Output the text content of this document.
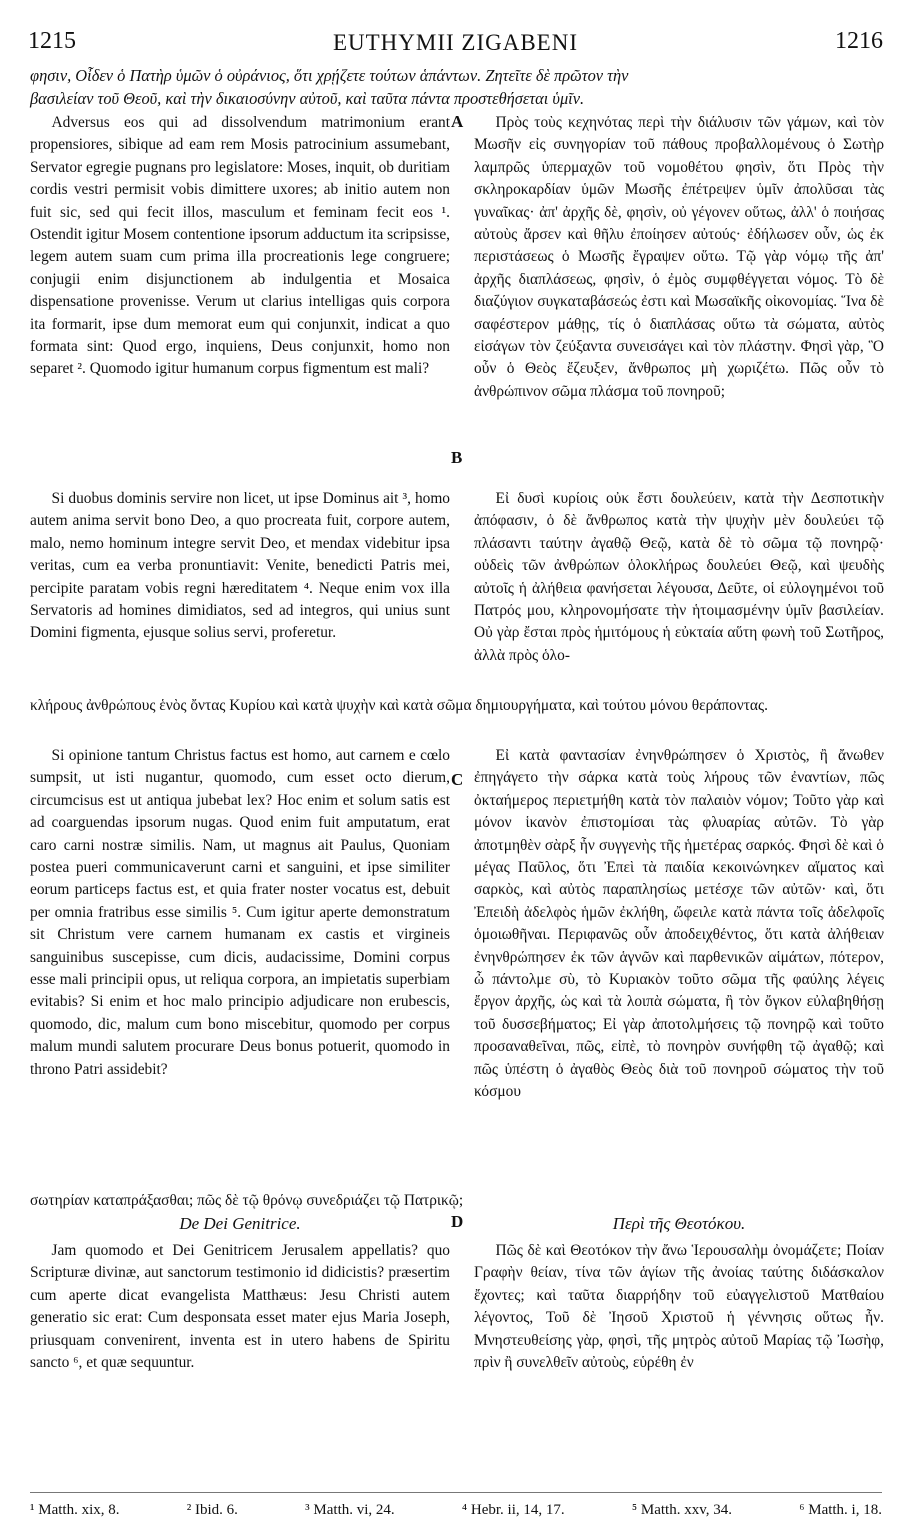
1215	EUTHYMII ZIGABENI	1216
φησιν, Οἶδεν ὁ Πατὴρ ὑμῶν ὁ οὐράνιος, ὅτι χρῄζετε τούτων ἁπάντων. Ζητεῖτε δὲ πρῶτον τὴν
βασιλείαν τοῦ Θεοῦ, καὶ τὴν δικαιοσύνην αὐτοῦ, καὶ ταῦτα πάντα προστεθήσεται ὑμῖν.
A
B
C
D

Adversus eos qui ad dissolvendum matrimonium erant propensiores, sibique ad eam rem Mosis patrocinium assumebant, Servator egregie pugnans pro legislatore: Moses, inquit, ob duritiam cordis vestri permisit vobis dimittere uxores; ab initio autem non fuit sic, sed qui fecit illos, masculum et feminam fecit eos ¹. Ostendit igitur Mosem contentione ipsorum adductum ita scripsisse, legem autem suam cum prima illa procreationis lege congruere; conjugii enim disjunctionem ab indulgentia et Mosaica dispensatione provenisse. Verum ut clarius intelligas quis corpora ita formarit, ipse dum memorat eum qui conjunxit, indicat a quo formata sint: Quod ergo, inquiens, Deus conjunxit, homo non separet ². Quomodo igitur humanum corpus figmentum est mali?

Πρὸς τοὺς κεχηνότας περὶ τὴν διάλυσιν τῶν γάμων, καὶ τὸν Μωσῆν εἰς συνηγορίαν τοῦ πάθους προβαλλομένους ὁ Σωτὴρ λαμπρῶς ὑπερμαχῶν τοῦ νομοθέτου φησὶν, ὅτι Πρὸς τὴν σκληροκαρδίαν ὑμῶν Μωσῆς ἐπέτρεψεν ὑμῖν ἀπολῦσαι τὰς γυναῖκας· ἀπ' ἀρχῆς δὲ, φησὶν, οὐ γέγονεν οὕτως, ἀλλ' ὁ ποιήσας αὐτοὺς ἄρσεν καὶ θῆλυ ἐποίησεν αὐτούς· ἐδήλωσεν οὖν, ὡς ἐκ περιστάσεως ὁ Μωσῆς ἔγραψεν οὕτω. Τῷ γὰρ νόμῳ τῆς ἀπ' ἀρχῆς διαπλάσεως, φησὶν, ὁ ἐμὸς συμφθέγγεται νόμος. Τὸ δὲ διαζύγιον συγκαταβάσεώς ἐστι καὶ Μωσαϊκῆς οἰκονομίας. Ἵνα δὲ σαφέστερον μάθῃς, τίς ὁ διαπλάσας οὕτω τὰ σώματα, αὐτὸς εἰσάγων τὸν ζεύξαντα συνεισάγει καὶ τὸν πλάστην. Φησὶ γὰρ, Ὃ οὖν ὁ Θεὸς ἔζευξεν, ἄνθρωπος μὴ χωριζέτω. Πῶς οὖν τὸ ἀνθρώπινον σῶμα πλάσμα τοῦ πονηροῦ;

Si duobus dominis servire non licet, ut ipse Dominus ait ³, homo autem anima servit bono Deo, a quo procreata fuit, corpore autem, malo, nemo hominum integre servit Deo, et mendax videbitur ipsa veritas, cum ea verba pronuntiavit: Venite, benedicti Patris mei, percipite paratam vobis regni hæreditatem ⁴. Neque enim vox illa Servatoris ad homines dimidiatos, sed ad integros, qui unius sunt Domini figmenta, ejusque solius servi, proferetur.

Εἰ δυσὶ κυρίοις οὐκ ἔστι δουλεύειν, κατὰ τὴν Δεσποτικὴν ἀπόφασιν, ὁ δὲ ἄνθρωπος κατὰ τὴν ψυχὴν μὲν δουλεύει τῷ πλάσαντι ταύτην ἀγαθῷ Θεῷ, κατὰ δὲ τὸ σῶμα τῷ πονηρῷ· οὐδεὶς τῶν ἀνθρώπων ὁλοκλήρως δουλεύει Θεῷ, καὶ ψευδὴς αὐτοῖς ἡ ἀλήθεια φανήσεται λέγουσα, Δεῦτε, οἱ εὐλογημένοι τοῦ Πατρός μου, κληρονομήσατε τὴν ἡτοιμασμένην ὑμῖν βασιλείαν. Οὐ γὰρ ἔσται πρὸς ἡμιτόμους ἡ εὐκταία αὕτη φωνὴ τοῦ Σωτῆρος, ἀλλὰ πρὸς ὁλο-

κλήρους ἀνθρώπους ἑνὸς ὄντας Κυρίου καὶ κατὰ ψυχὴν καὶ κατὰ σῶμα δημιουργήματα, καὶ τούτου μόνου θεράποντας.

Si opinione tantum Christus factus est homo, aut carnem e cœlo sumpsit, ut isti nugantur, quomodo, cum esset octo dierum, circumcisus est ut antiqua jubebat lex? Hoc enim et solum satis est ad coarguendas ipsorum nugas. Quod enim fuit amputatum, erat caro carni nostræ similis. Nam, ut magnus ait Paulus, Quoniam postea pueri communicaverunt carni et sanguini, et ipse similiter eorum particeps factus est, et quia frater noster vocatus est, debuit per omnia fratribus esse similis ⁵. Cum igitur aperte demonstratum sit Christum vere carnem humanam ex castis et virgineis sanguinibus suscepisse, cum dicis, audacissime, Domini corpus esse mali principii opus, ut reliqua corpora, an impietatis superbiam evitabis? Si enim et hoc malo principio adjudicare non erubescis, quomodo, dic, malum cum bono miscebitur, quomodo per corpus malum mundi salutem procurare Deus bonus potuerit, quomodo in throno Patri assidebit?

Εἰ κατὰ φαντασίαν ἐνηνθρώπησεν ὁ Χριστὸς, ἢ ἄνωθεν ἐπηγάγετο τὴν σάρκα κατὰ τοὺς λήρους τῶν ἐναντίων, πῶς ὀκταήμερος περιετμήθη κατὰ τὸν παλαιὸν νόμον; Τοῦτο γὰρ καὶ μόνον ἱκανὸν ἐπιστομίσαι τὰς φλυαρίας αὐτῶν. Τὸ γὰρ ἀποτμηθὲν σὰρξ ἦν συγγενὴς τῆς ἡμετέρας σαρκός. Φησὶ δὲ καὶ ὁ μέγας Παῦλος, ὅτι Ἐπεὶ τὰ παιδία κεκοινώνηκεν αἵματος καὶ σαρκὸς, καὶ αὐτὸς παραπλησίως μετέσχε τῶν αὐτῶν· καὶ, ὅτι Ἐπειδὴ ἀδελφὸς ἡμῶν ἐκλήθη, ὤφειλε κατὰ πάντα τοῖς ἀδελφοῖς ὁμοιωθῆναι. Περιφανῶς οὖν ἀποδειχθέντος, ὅτι κατὰ ἀλήθειαν ἐνηνθρώπησεν ἐκ τῶν ἁγνῶν καὶ παρθενικῶν αἱμάτων, πότερον, ὦ πάντολμε σὺ, τὸ Κυριακὸν τοῦτο σῶμα τῆς φαύλης λέγεις ἔργον ἀρχῆς, ὡς καὶ τὰ λοιπὰ σώματα, ἢ τὸν ὄγκον εὐλαβηθήσῃ τοῦ δυσσεβήματος; Εἰ γὰρ ἀποτολμήσεις τῷ πονηρῷ καὶ τοῦτο προσαναθεῖναι, πῶς, εἰπὲ, τὸ πονηρὸν συνήφθη τῷ ἀγαθῷ; καὶ πῶς ὑπέστη ὁ ἀγαθὸς Θεὸς διὰ τοῦ πονηροῦ σώματος τὴν τοῦ κόσμου

σωτηρίαν καταπράξασθαι; πῶς δὲ τῷ θρόνῳ συνεδριάζει τῷ Πατρικῷ;
De Dei Genitrice.	Περὶ τῆς Θεοτόκου.

Jam quomodo et Dei Genitricem Jerusalem appellatis? quo Scripturæ divinæ, aut sanctorum testimonio id didicistis? præsertim cum aperte dicat evangelista Matthæus: Jesu Christi autem generatio sic erat: Cum desponsata esset mater ejus Maria Joseph, priusquam convenirent, inventa est in utero habens de Spiritu sancto ⁶, et quæ sequuntur.

Πῶς δὲ καὶ Θεοτόκον τὴν ἄνω Ἱερουσαλὴμ ὀνομάζετε; Ποίαν Γραφὴν θείαν, τίνα τῶν ἁγίων τῆς ἀνοίας ταύτης διδάσκαλον ἔχοντες; καὶ ταῦτα διαρρήδην τοῦ εὐαγγελιστοῦ Ματθαίου λέγοντος, Τοῦ δὲ Ἰησοῦ Χριστοῦ ἡ γέννησις οὕτως ἦν. Μνηστευθείσης γὰρ, φησὶ, τῆς μητρὸς αὐτοῦ Μαρίας τῷ Ἰωσὴφ, πρὶν ἢ συνελθεῖν αὐτοὺς, εὑρέθη ἐν

¹ Matth. xix, 8.	² Ibid. 6.	³ Matth. vi, 24.	⁴ Hebr. ii, 14, 17.	⁵ Matth. xxv, 34.	⁶ Matth. i, 18.
